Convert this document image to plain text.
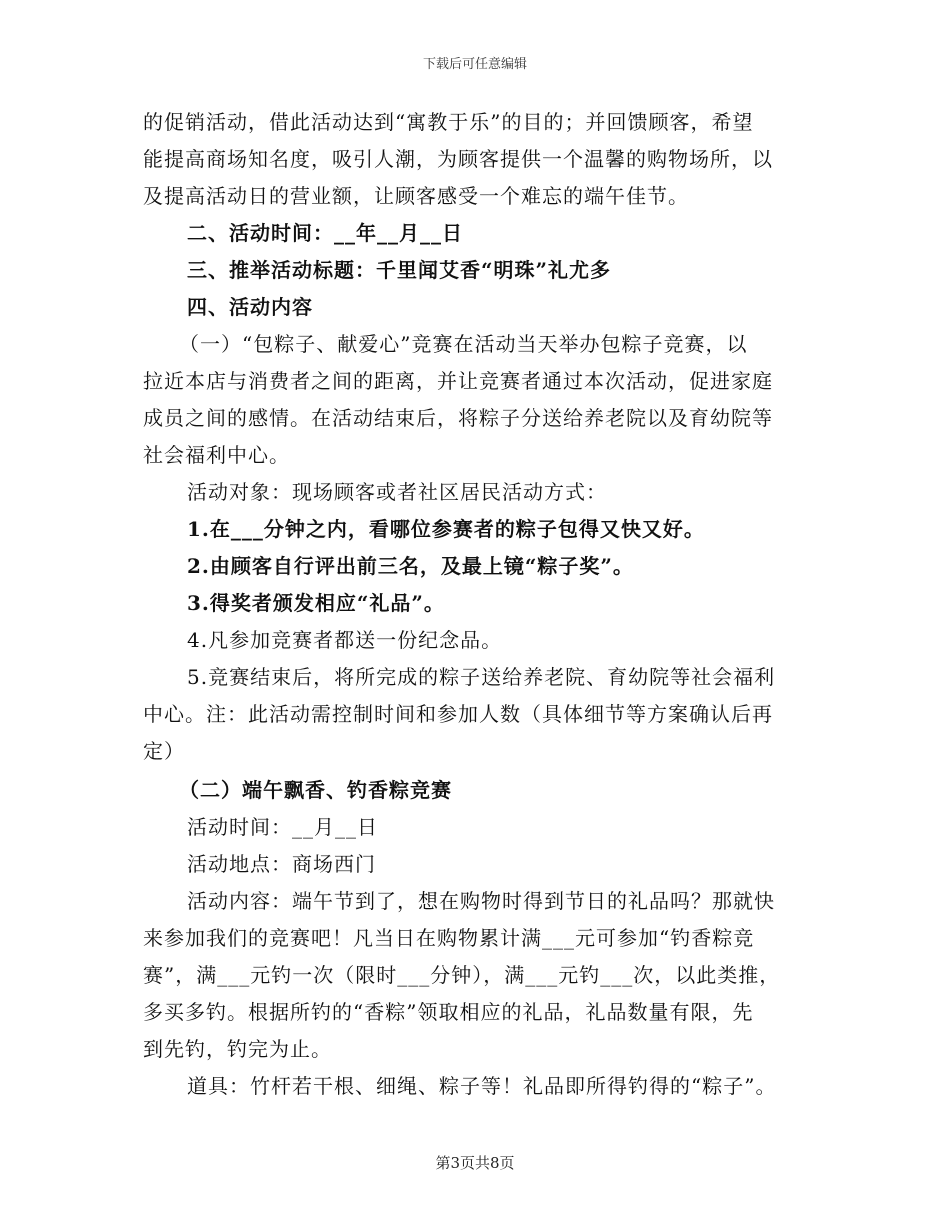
下载后可任意编辑
的促销活动，借此活动达到“寓教于乐”的目的；并回馈顾客，希望
能提高商场知名度，吸引人潮，为顾客提供一个温馨的购物场所，以
及提高活动日的营业额，让顾客感受一个难忘的端午佳节。
二、活动时间：__年__月__日
三、推举活动标题：千里闻艾香“明珠”礼尤多
四、活动内容
（一）“包粽子、献爱心”竞赛在活动当天举办包粽子竞赛，以
拉近本店与消费者之间的距离，并让竞赛者通过本次活动，促进家庭
成员之间的感情。在活动结束后，将粽子分送给养老院以及育幼院等
社会福利中心。
活动对象：现场顾客或者社区居民活动方式：
1.在___分钟之内，看哪位参赛者的粽子包得又快又好。
2.由顾客自行评出前三名，及最上镜“粽子奖”。
3.得奖者颁发相应“礼品”。
4.凡参加竞赛者都送一份纪念品。
5.竞赛结束后，将所完成的粽子送给养老院、育幼院等社会福利
中心。注：此活动需控制时间和参加人数（具体细节等方案确认后再
定）
（二）端午飘香、钓香粽竞赛
活动时间：__月__日
活动地点：商场西门
活动内容：端午节到了，想在购物时得到节日的礼品吗？那就快
来参加我们的竞赛吧！凡当日在购物累计满___元可参加“钓香粽竞
赛”，满___元钓一次（限时___分钟），满___元钓___次，以此类推，
多买多钓。根据所钓的“香粽”领取相应的礼品，礼品数量有限，先
到先钓，钓完为止。
道具：竹杆若干根、细绳、粽子等！礼品即所得钓得的“粽子”。
第3页共8页
